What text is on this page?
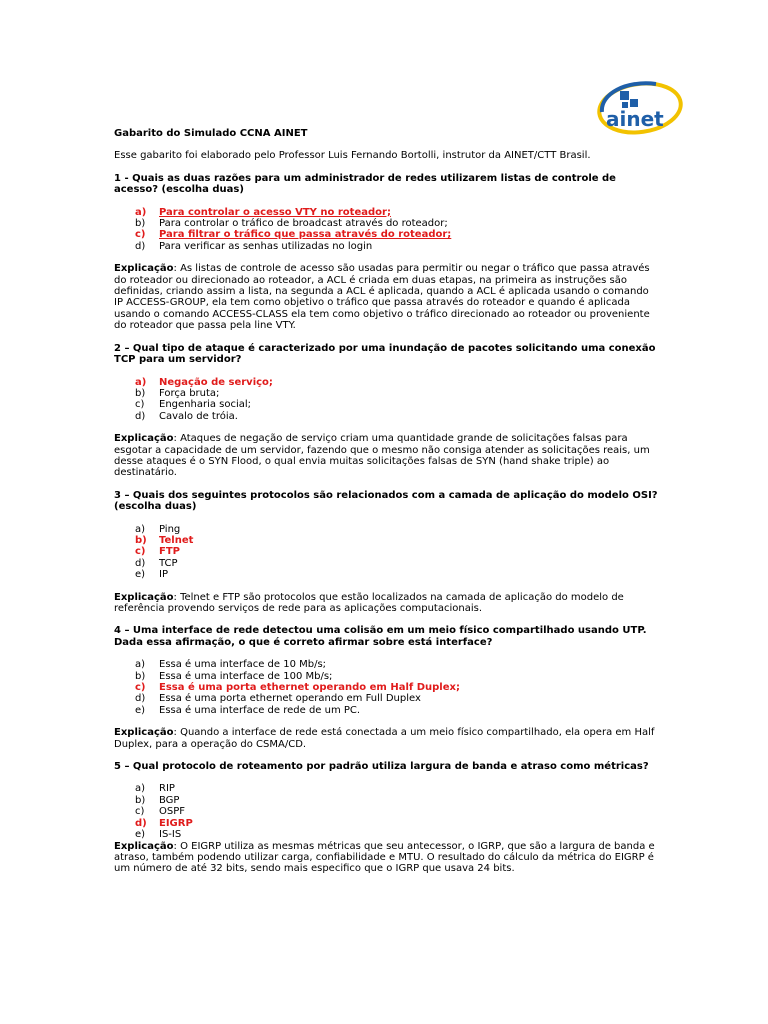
ainet
Gabarito do Simulado CCNA AINET
Esse gabarito foi elaborado pelo Professor Luis Fernando Bortolli, instrutor da AINET/CTT Brasil.
1 - Quais as duas razões para um administrador de redes utilizarem listas de controle de acesso? (escolha duas)
a)	Para controlar o acesso VTY no roteador;
b)	Para controlar o tráfico de broadcast através do roteador;
c)	Para filtrar o tráfico que passa através do roteador;
d)	Para verificar as senhas utilizadas no login
Explicação: As listas de controle de acesso são usadas para permitir ou negar o tráfico que passa através do roteador ou direcionado ao roteador, a ACL é criada em duas etapas, na primeira as instruções são definidas, criando assim a lista, na segunda a ACL é aplicada, quando a ACL é aplicada usando o comando IP ACCESS-GROUP, ela tem como objetivo o tráfico que passa através do roteador e quando é aplicada usando o comando ACCESS-CLASS ela tem como objetivo o tráfico direcionado ao roteador ou proveniente do roteador que passa pela line VTY.
2 – Qual tipo de ataque é caracterizado por uma inundação de pacotes solicitando uma conexão TCP para um servidor?
a)	Negação de serviço;
b)	Força bruta;
c)	Engenharia social;
d)	Cavalo de tróia.
Explicação: Ataques de negação de serviço criam uma quantidade grande de solicitações falsas para esgotar a capacidade de um servidor, fazendo que o mesmo não consiga atender as solicitações reais, um desse ataques é o SYN Flood, o qual envia muitas solicitações falsas de SYN (hand shake triple) ao destinatário.
3 – Quais dos seguintes protocolos são relacionados com a camada de aplicação do modelo OSI? (escolha duas)
a)	Ping
b)	Telnet
c)	FTP
d)	TCP
e)	IP
Explicação: Telnet e FTP são protocolos que estão localizados na camada de aplicação do modelo de referência provendo serviços de rede para as aplicações computacionais.
4 – Uma interface de rede detectou uma colisão em um meio físico compartilhado usando UTP. Dada essa afirmação, o que é correto afirmar sobre está interface?
a)	Essa é uma interface de 10 Mb/s;
b)	Essa é uma interface de 100 Mb/s;
c)	Essa é uma porta ethernet operando em Half Duplex;
d)	Essa é uma porta ethernet operando em Full Duplex
e)	Essa é uma interface de rede de um PC.
Explicação: Quando a interface de rede está conectada a um meio físico compartilhado, ela opera em Half Duplex, para a operação do CSMA/CD.
5 – Qual protocolo de roteamento por padrão utiliza largura de banda e atraso como métricas?
a)	RIP
b)	BGP
c)	OSPF
d)	EIGRP
e)	IS-IS
Explicação: O EIGRP utiliza as mesmas métricas que seu antecessor, o IGRP, que são a largura de banda e atraso, também podendo utilizar carga, confiabilidade e MTU. O resultado do cálculo da métrica do EIGRP é um número de até 32 bits, sendo mais especifico que o IGRP que usava 24 bits.
